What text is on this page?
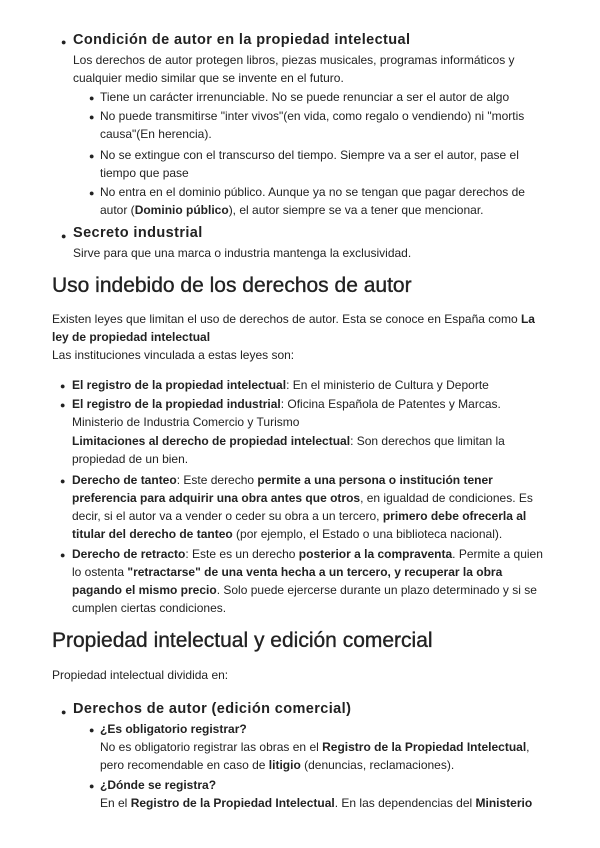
● Condición de autor en la propiedad intelectual
Los derechos de autor protegen libros, piezas musicales, programas informáticos y
cualquier medio similar que se invente en el futuro.
● Tiene un carácter irrenunciable. No se puede renunciar a ser el autor de algo
● No puede transmitirse "inter vivos"(en vida, como regalo o vendiendo) ni "mortis
causa"(En herencia).
● No se extingue con el transcurso del tiempo. Siempre va a ser el autor, pase el
tiempo que pase
● No entra en el dominio público. Aunque ya no se tengan que pagar derechos de
autor (Dominio público), el autor siempre se va a tener que mencionar.
● Secreto industrial
Sirve para que una marca o industria mantenga la exclusividad.
Uso indebido de los derechos de autor
Existen leyes que limitan el uso de derechos de autor. Esta se conoce en España como La
ley de propiedad intelectual
Las instituciones vinculada a estas leyes son:
● El registro de la propiedad intelectual: En el ministerio de Cultura y Deporte
● El registro de la propiedad industrial: Oficina Española de Patentes y Marcas.
Ministerio de Industria Comercio y Turismo
Limitaciones al derecho de propiedad intelectual: Son derechos que limitan la
propiedad de un bien.
● Derecho de tanteo: Este derecho permite a una persona o institución tener
preferencia para adquirir una obra antes que otros, en igualdad de condiciones. Es
decir, si el autor va a vender o ceder su obra a un tercero, primero debe ofrecerla al
titular del derecho de tanteo (por ejemplo, el Estado o una biblioteca nacional).
● Derecho de retracto: Este es un derecho posterior a la compraventa. Permite a quien
lo ostenta "retractarse" de una venta hecha a un tercero, y recuperar la obra
pagando el mismo precio. Solo puede ejercerse durante un plazo determinado y si se
cumplen ciertas condiciones.
Propiedad intelectual y edición comercial
Propiedad intelectual dividida en:
● Derechos de autor (edición comercial)
● ¿Es obligatorio registrar?
No es obligatorio registrar las obras en el Registro de la Propiedad Intelectual,
pero recomendable en caso de litigio (denuncias, reclamaciones).
● ¿Dónde se registra?
En el Registro de la Propiedad Intelectual. En las dependencias del Ministerio
